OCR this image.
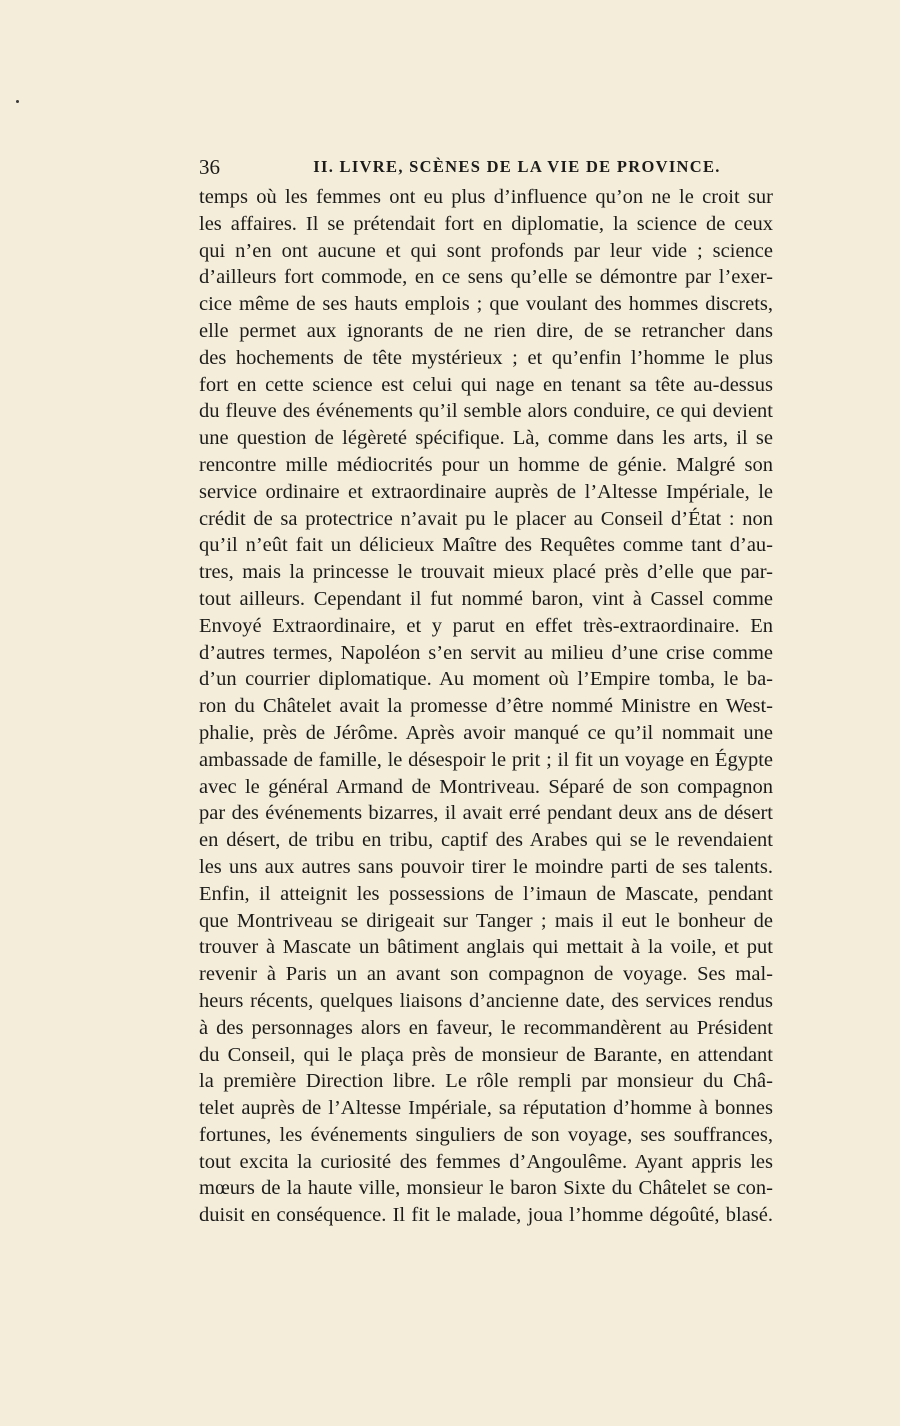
36	II. LIVRE, SCÈNES DE LA VIE DE PROVINCE.
temps où les femmes ont eu plus d’influence qu’on ne le croit sur
les affaires. Il se prétendait fort en diplomatie, la science de ceux
qui n’en ont aucune et qui sont profonds par leur vide ; science
d’ailleurs fort commode, en ce sens qu’elle se démontre par l’exer-
cice même de ses hauts emplois ; que voulant des hommes discrets,
elle permet aux ignorants de ne rien dire, de se retrancher dans
des hochements de tête mystérieux ; et qu’enfin l’homme le plus
fort en cette science est celui qui nage en tenant sa tête au-dessus
du fleuve des événements qu’il semble alors conduire, ce qui devient
une question de légèreté spécifique. Là, comme dans les arts, il se
rencontre mille médiocrités pour un homme de génie. Malgré son
service ordinaire et extraordinaire auprès de l’Altesse Impériale, le
crédit de sa protectrice n’avait pu le placer au Conseil d’État : non
qu’il n’eût fait un délicieux Maître des Requêtes comme tant d’au-
tres, mais la princesse le trouvait mieux placé près d’elle que par-
tout ailleurs. Cependant il fut nommé baron, vint à Cassel comme
Envoyé Extraordinaire, et y parut en effet très-extraordinaire. En
d’autres termes, Napoléon s’en servit au milieu d’une crise comme
d’un courrier diplomatique. Au moment où l’Empire tomba, le ba-
ron du Châtelet avait la promesse d’être nommé Ministre en West-
phalie, près de Jérôme. Après avoir manqué ce qu’il nommait une
ambassade de famille, le désespoir le prit ; il fit un voyage en Égypte
avec le général Armand de Montriveau. Séparé de son compagnon
par des événements bizarres, il avait erré pendant deux ans de désert
en désert, de tribu en tribu, captif des Arabes qui se le revendaient
les uns aux autres sans pouvoir tirer le moindre parti de ses talents.
Enfin, il atteignit les possessions de l’imaun de Mascate, pendant
que Montriveau se dirigeait sur Tanger ; mais il eut le bonheur de
trouver à Mascate un bâtiment anglais qui mettait à la voile, et put
revenir à Paris un an avant son compagnon de voyage. Ses mal-
heurs récents, quelques liaisons d’ancienne date, des services rendus
à des personnages alors en faveur, le recommandèrent au Président
du Conseil, qui le plaça près de monsieur de Barante, en attendant
la première Direction libre. Le rôle rempli par monsieur du Châ-
telet auprès de l’Altesse Impériale, sa réputation d’homme à bonnes
fortunes, les événements singuliers de son voyage, ses souffrances,
tout excita la curiosité des femmes d’Angoulême. Ayant appris les
mœurs de la haute ville, monsieur le baron Sixte du Châtelet se con-
duisit en conséquence. Il fit le malade, joua l’homme dégoûté, blasé.
